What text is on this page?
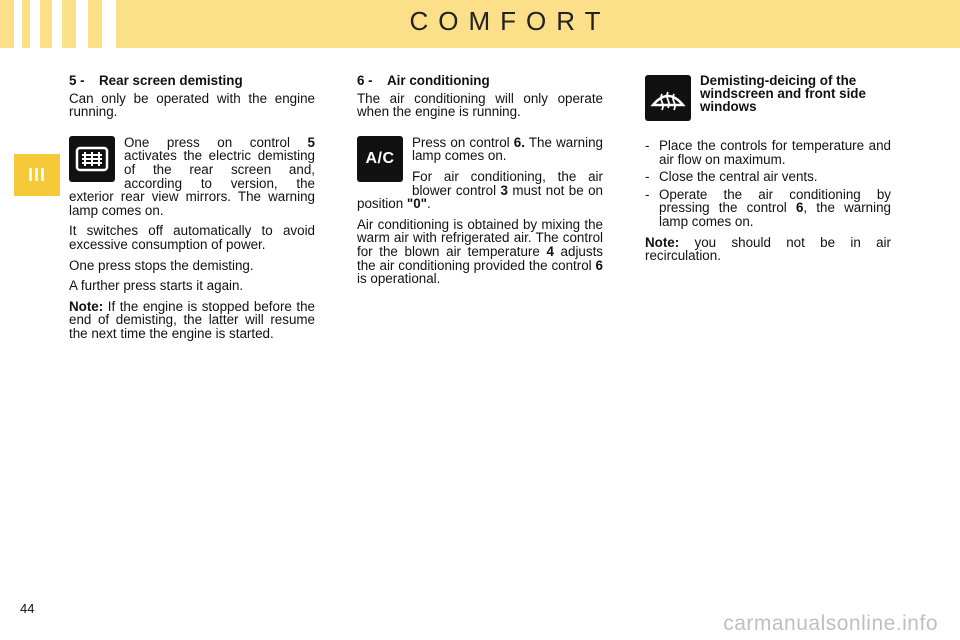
COMFORT
III
5 - Rear screen demisting

Can only be operated with the engine running.

One press on control 5 activates the electric demisting of the rear screen and, according to version, the exterior rear view mirrors. The warning lamp comes on.

It switches off automatically to avoid excessive consumption of power.

One press stops the demisting.

A further press starts it again.

Note: If the engine is stopped before the end of demisting, the latter will resume the next time the engine is started.

6 - Air conditioning

The air conditioning will only operate when the engine is running.

A/C

Press on control 6. The warning lamp comes on.

For air conditioning, the air blower control 3 must not be on position "0".

Air conditioning is obtained by mixing the warm air with refrigerated air. The control for the blown air temperature 4 adjusts the air conditioning provided the control 6 is operational.

Demisting-deicing of the windscreen and front side windows
- Place the controls for temperature and air flow on maximum.
- Close the central air vents.
- Operate the air conditioning by pressing the control 6, the warning lamp comes on.

Note: you should not be in air recirculation.

44
carmanualsonline.info
